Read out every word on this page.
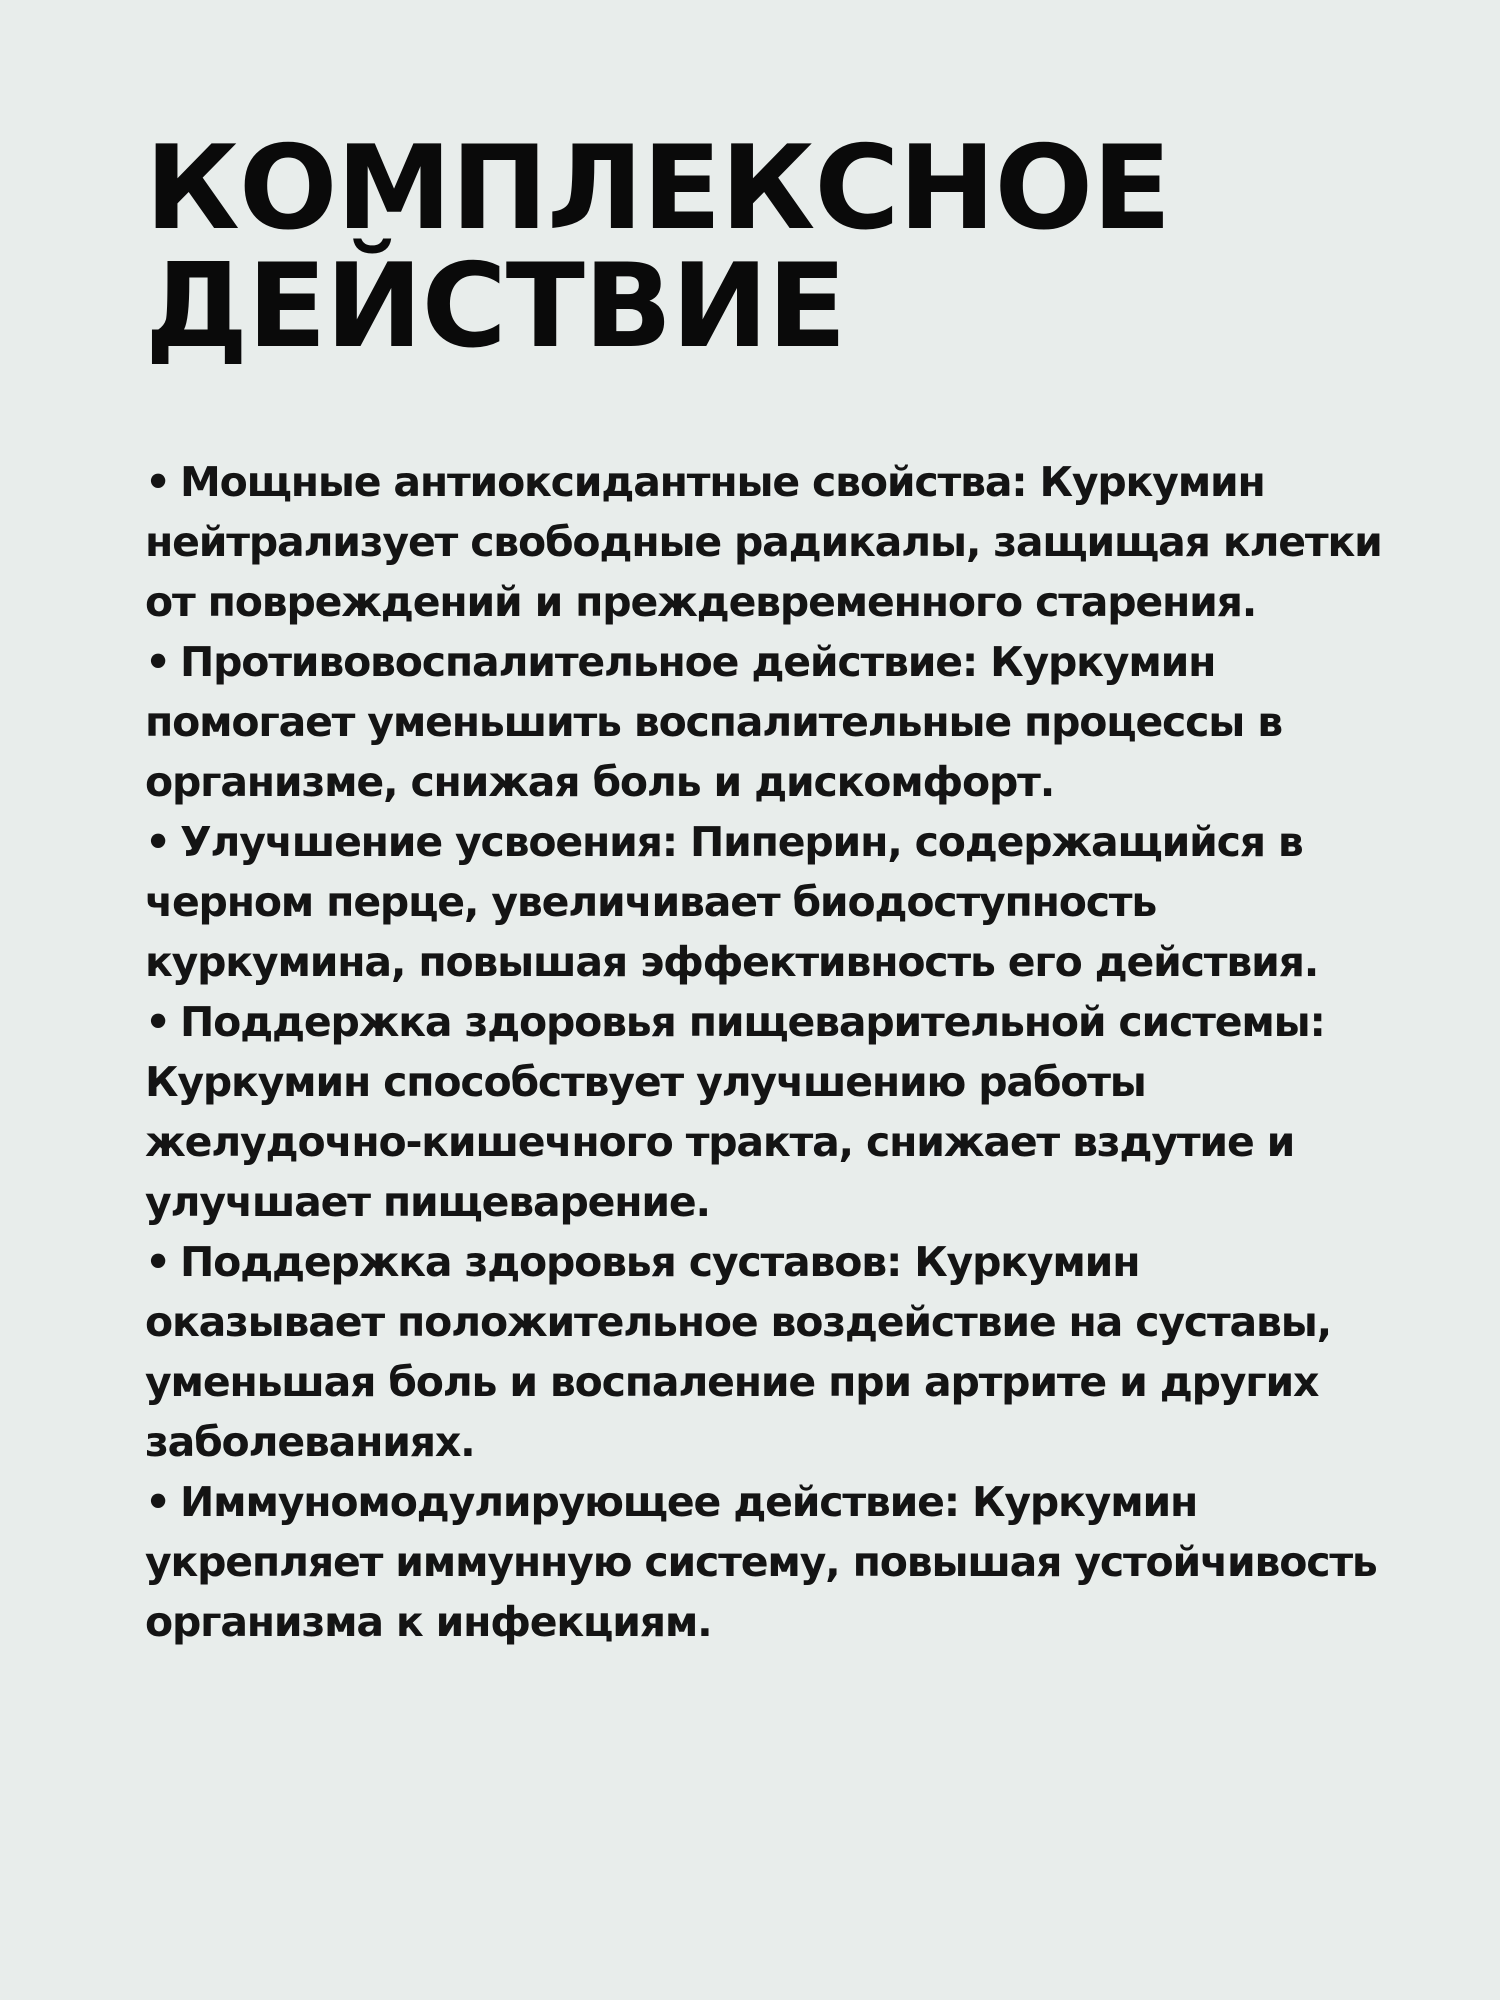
КОМПЛЕКСНОЕ
ДЕЙСТВИЕ
• Мощные антиоксидантные свойства: Куркумин нейтрализует свободные радикалы, защищая клетки от повреждений и преждевременного старения.
• Противовоспалительное действие: Куркумин помогает уменьшить воспалительные процессы в организме, снижая боль и дискомфорт.
• Улучшение усвоения: Пиперин, содержащийся в черном перце, увеличивает биодоступность куркумина, повышая эффективность его действия.
• Поддержка здоровья пищеварительной системы: Куркумин способствует улучшению работы желудочно-кишечного тракта, снижает вздутие и улучшает пищеварение.
• Поддержка здоровья суставов: Куркумин оказывает положительное воздействие на суставы, уменьшая боль и воспаление при артрите и других заболеваниях.
• Иммуномодулирующее действие: Куркумин укрепляет иммунную систему, повышая устойчивость организма к инфекциям.
